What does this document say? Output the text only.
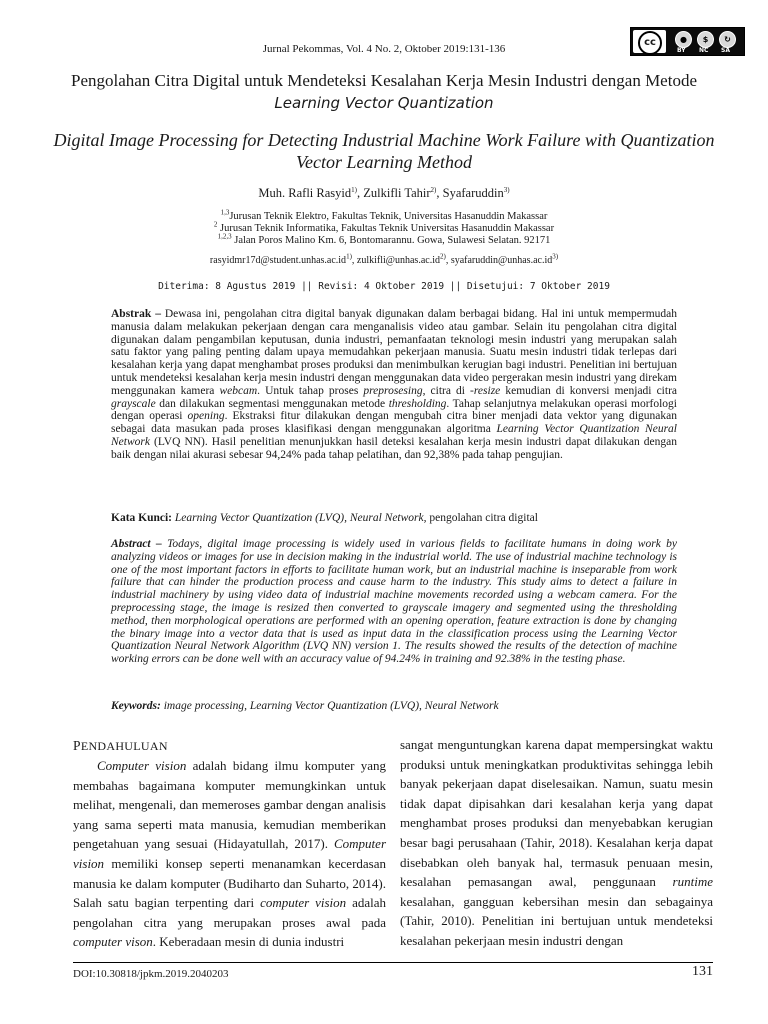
Jurnal Pekommas, Vol. 4 No. 2, Oktober 2019:131-136
cc	●
BY
$
NC
↻
SA
Pengolahan Citra Digital untuk Mendeteksi Kesalahan Kerja Mesin Industri dengan Metode Learning Vector Quantization
Digital Image Processing for Detecting Industrial Machine Work Failure with Quantization Vector Learning Method
Muh. Rafli Rasyid$^{1)}$, Zulkifli Tahir$^{2)}$, Syafaruddin$^{3)}$
$^{1,3}$Jurusan Teknik Elektro, Fakultas Teknik, Universitas Hasanuddin Makassar
$^2$ Jurusan Teknik Informatika, Fakultas Teknik Universitas Hasanuddin Makassar
$^{1,2,3}$ Jalan Poros Malino Km. 6, Bontomarannu. Gowa, Sulawesi Selatan. 92171
$rasyidmr17d@student.unhas.ac.id^{1)}$, $zulkifli@unhas.ac.id^{2)}$, $syafaruddin@unhas.ac.id^{3)}$
Diterima: 8 Agustus 2019 || Revisi: 4 Oktober 2019 || Disetujui: 7 Oktober 2019
Abstrak – Dewasa ini, pengolahan citra digital banyak digunakan dalam berbagai bidang. Hal ini untuk mempermudah manusia dalam melakukan pekerjaan dengan cara menganalisis video atau gambar. Selain itu pengolahan citra digital digunakan dalam pengambilan keputusan, dunia industri, pemanfaatan teknologi mesin industri yang merupakan salah satu faktor yang paling penting dalam upaya memudahkan pekerjaan manusia. Suatu mesin industri tidak terlepas dari kesalahan kerja yang dapat menghambat proses produksi dan menimbulkan kerugian bagi industri. Penelitian ini bertujuan untuk mendeteksi kesalahan kerja mesin industri dengan menggunakan data video pergerakan mesin industri yang direkam menggunakan kamera webcam. Untuk tahap proses preprosesing, citra di -resize kemudian di konversi menjadi citra grayscale dan dilakukan segmentasi menggunakan metode thresholding. Tahap selanjutnya melakukan operasi morfologi dengan operasi opening. Ekstraksi fitur dilakukan dengan mengubah citra biner menjadi data vektor yang digunakan sebagai data masukan pada proses klasifikasi dengan menggunakan algoritma Learning Vector Quantization Neural Network (LVQ NN). Hasil penelitian menunjukkan hasil deteksi kesalahan kerja mesin industri dapat dilakukan dengan baik dengan nilai akurasi sebesar 94,24% pada tahap pelatihan, dan 92,38% pada tahap pengujian.
Kata Kunci: Learning Vector Quantization (LVQ), Neural Network, pengolahan citra digital
Abstract – Todays, digital image processing is widely used in various fields to facilitate humans in doing work by analyzing videos or images for use in decision making in the industrial world. The use of industrial machine technology is one of the most important factors in efforts to facilitate human work, but an industrial machine is inseparable from work failure that can hinder the production process and cause harm to the industry. This study aims to detect a failure in industrial machinery by using video data of industrial machine movements recorded using a webcam camera. For the preprocessing stage, the image is resized then converted to grayscale imagery and segmented using the thresholding method, then morphological operations are performed with an opening operation, feature extraction is done by changing the binary image into a vector data that is used as input data in the classification process using the Learning Vector Quantization Neural Network Algorithm (LVQ NN) version 1. The results showed the results of the detection of machine working errors can be done well with an accuracy value of 94.24% in training and 92.38% in the testing phase.
Keywords: image processing, Learning Vector Quantization (LVQ), Neural Network
PENDAHULUAN
Computer vision adalah bidang ilmu komputer yang membahas bagaimana komputer memungkinkan untuk melihat, mengenali, dan memeroses gambar dengan analisis yang sama seperti mata manusia, kemudian memberikan pengetahuan yang sesuai (Hidayatullah, 2017). Computer vision memiliki konsep seperti menanamkan kecerdasan manusia ke dalam komputer (Budiharto dan Suharto, 2014). Salah satu bagian terpenting dari computer vision adalah pengolahan citra yang merupakan proses awal pada computer vison. Keberadaan mesin di dunia industri
sangat menguntungkan karena dapat mempersingkat waktu produksi untuk meningkatkan produktivitas sehingga lebih banyak pekerjaan dapat diselesaikan. Namun, suatu mesin tidak dapat dipisahkan dari kesalahan kerja yang dapat menghambat proses produksi dan menyebabkan kerugian besar bagi perusahaan (Tahir, 2018). Kesalahan kerja dapat disebabkan oleh banyak hal, termasuk penuaan mesin, kesalahan pemasangan awal, penggunaan runtime kesalahan, gangguan kebersihan mesin dan sebagainya (Tahir, 2010). Penelitian ini bertujuan untuk mendeteksi kesalahan pekerjaan mesin industri dengan
DOI:10.30818/jpkm.2019.2040203	131
